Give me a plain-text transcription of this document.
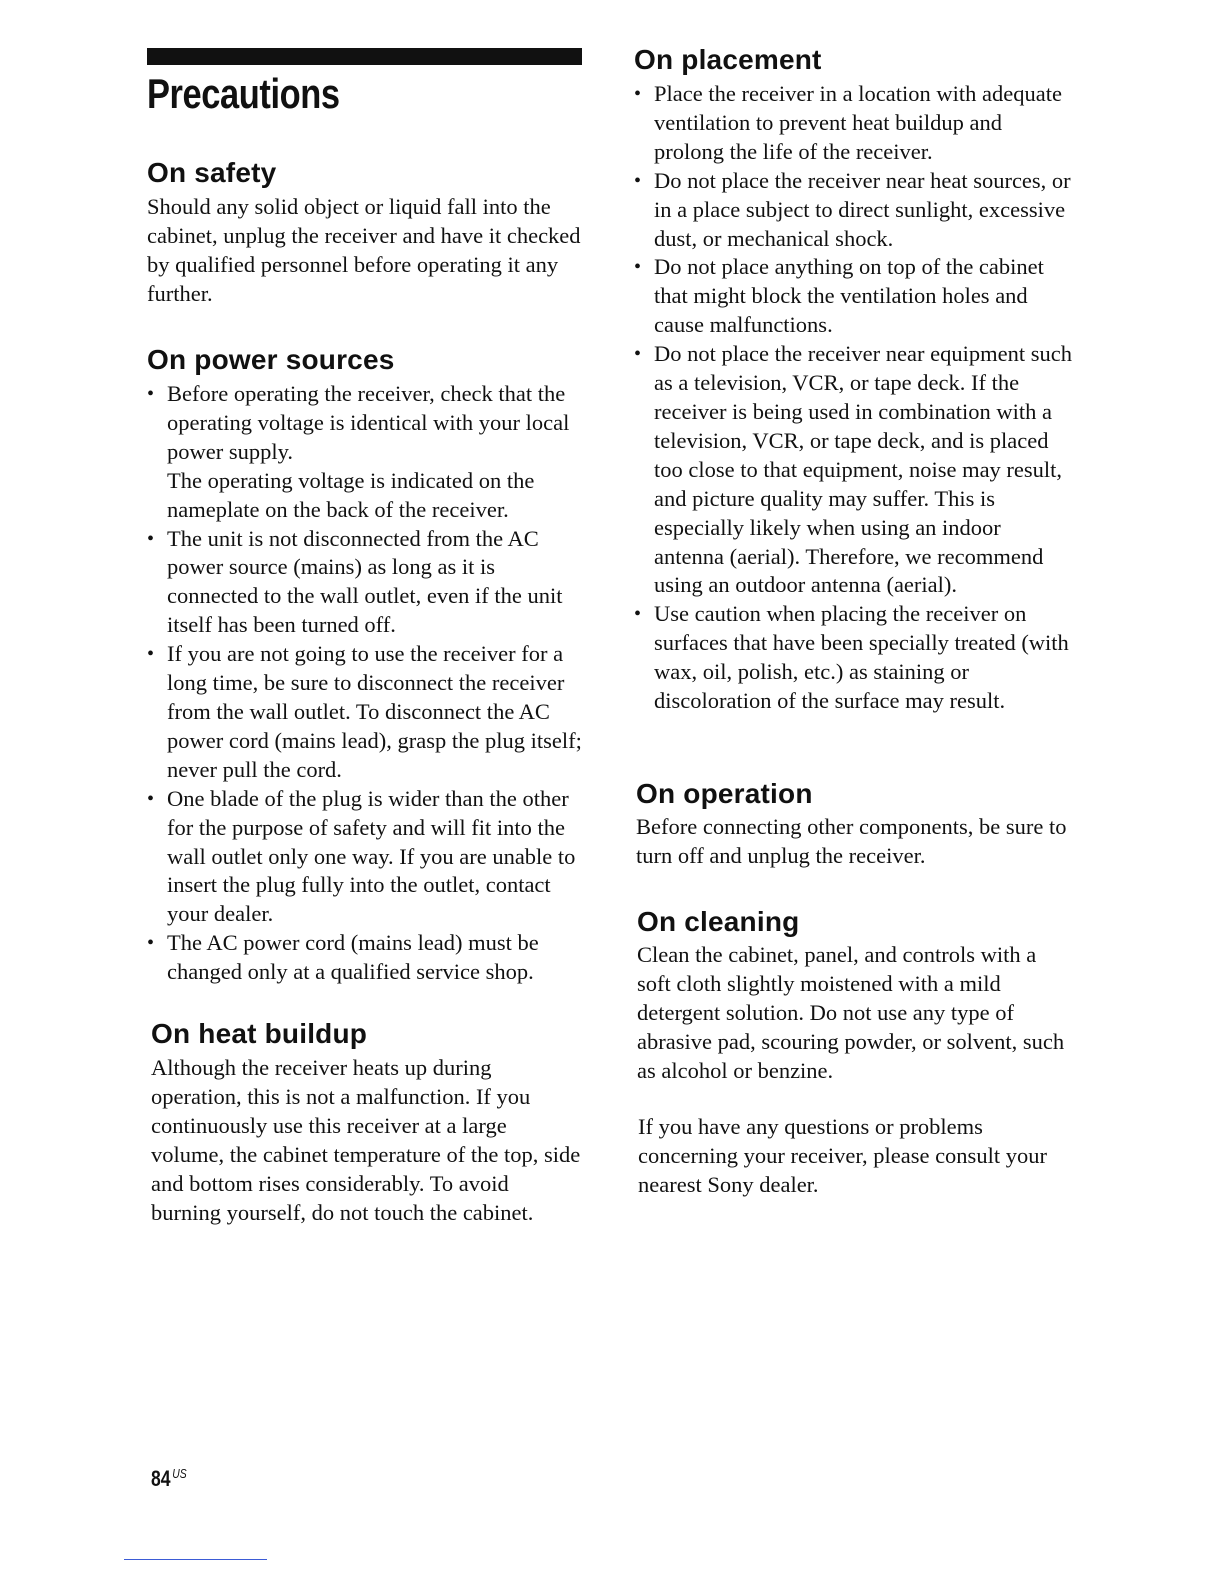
Precautions
On safety

Should any solid object or liquid fall into the cabinet, unplug the receiver and have it checked by qualified personnel before operating it any further.

On power sources
• Before operating the receiver, check that the operating voltage is identical with your local power supply.
The operating voltage is indicated on the nameplate on the back of the receiver.
• The unit is not disconnected from the AC power source (mains) as long as it is connected to the wall outlet, even if the unit itself has been turned off.
• If you are not going to use the receiver for a long time, be sure to disconnect the receiver from the wall outlet. To disconnect the AC power cord (mains lead), grasp the plug itself; never pull the cord.
• One blade of the plug is wider than the other for the purpose of safety and will fit into the wall outlet only one way. If you are unable to insert the plug fully into the outlet, contact your dealer.
• The AC power cord (mains lead) must be changed only at a qualified service shop.
On heat buildup

Although the receiver heats up during operation, this is not a malfunction. If you continuously use this receiver at a large volume, the cabinet temperature of the top, side and bottom rises considerably. To avoid burning yourself, do not touch the cabinet.

On placement
• Place the receiver in a location with adequate ventilation to prevent heat buildup and prolong the life of the receiver.
• Do not place the receiver near heat sources, or in a place subject to direct sunlight, excessive dust, or mechanical shock.
• Do not place anything on top of the cabinet that might block the ventilation holes and cause malfunctions.
• Do not place the receiver near equipment such as a television, VCR, or tape deck. If the receiver is being used in combination with a television, VCR, or tape deck, and is placed too close to that equipment, noise may result, and picture quality may suffer. This is especially likely when using an indoor antenna (aerial). Therefore, we recommend using an outdoor antenna (aerial).
• Use caution when placing the receiver on surfaces that have been specially treated (with wax, oil, polish, etc.) as staining or discoloration of the surface may result.
On operation

Before connecting other components, be sure to turn off and unplug the receiver.

On cleaning

Clean the cabinet, panel, and controls with a soft cloth slightly moistened with a mild detergent solution. Do not use any type of abrasive pad, scouring powder, or solvent, such as alcohol or benzine.

If you have any questions or problems concerning your receiver, please consult your nearest Sony dealer.

84 $^{US}$
